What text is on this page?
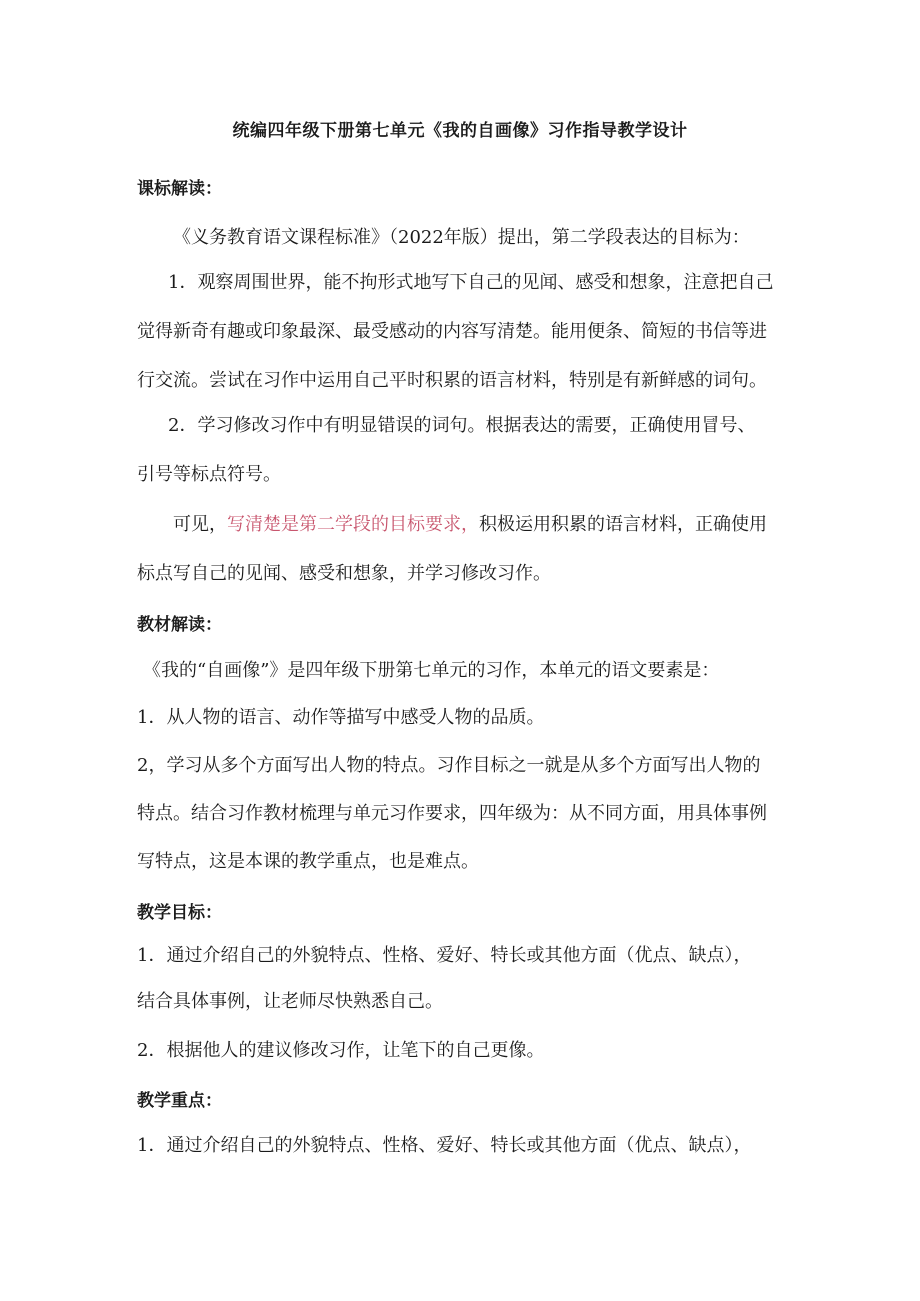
统编四年级下册第七单元《我的自画像》习作指导教学设计
课标解读：
《义务教育语文课程标准》（2022年版）提出，第二学段表达的目标为：
1．观察周围世界，能不拘形式地写下自己的见闻、感受和想象，注意把自己
觉得新奇有趣或印象最深、最受感动的内容写清楚。能用便条、简短的书信等进
行交流。尝试在习作中运用自己平时积累的语言材料，特别是有新鲜感的词句。
2．学习修改习作中有明显错误的词句。根据表达的需要，正确使用冒号、
引号等标点符号。
可见，写清楚是第二学段的目标要求，积极运用积累的语言材料，正确使用
标点写自己的见闻、感受和想象，并学习修改习作。
教材解读：
《我的“自画像”》是四年级下册第七单元的习作，本单元的语文要素是：
1．从人物的语言、动作等描写中感受人物的品质。
2，学习从多个方面写出人物的特点。习作目标之一就是从多个方面写出人物的
特点。结合习作教材梳理与单元习作要求，四年级为：从不同方面，用具体事例
写特点，这是本课的教学重点，也是难点。
教学目标：
1．通过介绍自己的外貌特点、性格、爱好、特长或其他方面（优点、缺点），
结合具体事例，让老师尽快熟悉自己。
2．根据他人的建议修改习作，让笔下的自己更像。
教学重点：
1．通过介绍自己的外貌特点、性格、爱好、特长或其他方面（优点、缺点），
